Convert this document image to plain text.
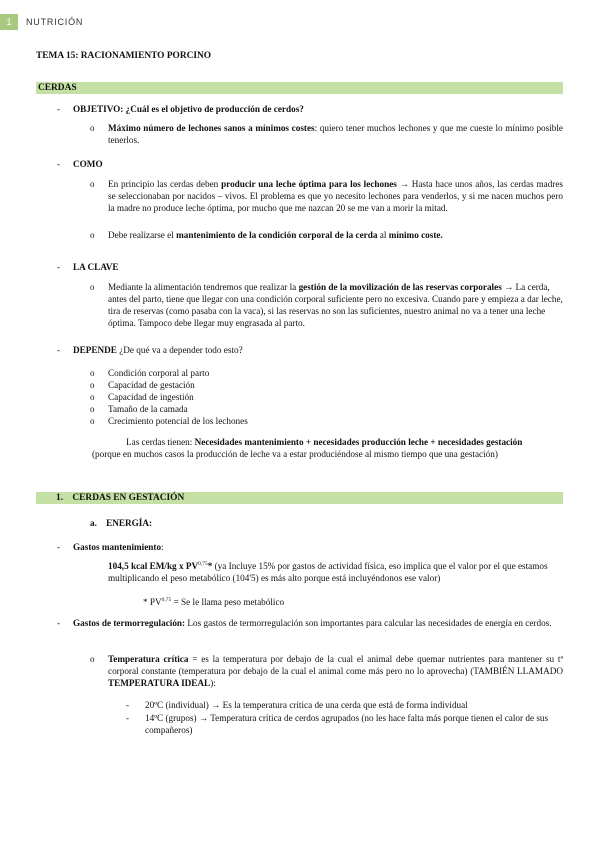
1	NUTRICIÓN
TEMA 15: RACIONAMIENTO PORCINO
CERDAS
- OBJETIVO: ¿Cuál es el objetivo de producción de cerdos?
o Máximo número de lechones sanos a mínimos costes: quiero tener muchos lechones y que me cueste lo mínimo posible tenerlos.
- COMO
o En principio las cerdas deben producir una leche óptima para los lechones → Hasta hace unos años, las cerdas madres se seleccionaban por nacidos – vivos. El problema es que yo necesito lechones para venderlos, y si me nacen muchos pero la madre no produce leche óptima, por mucho que me nazcan 20 se me van a morir la mitad.
o Debe realizarse el mantenimiento de la condición corporal de la cerda al mínimo coste.
- LA CLAVE
o Mediante la alimentación tendremos que realizar la gestión de la movilización de las reservas corporales → La cerda, antes del parto, tiene que llegar con una condición corporal suficiente pero no excesiva. Cuando pare y empieza a dar leche, tira de reservas (como pasaba con la vaca), si las reservas no son las suficientes, nuestro animal no va a tener una leche óptima. Tampoco debe llegar muy engrasada al parto.
- DEPENDE ¿De qué va a depender todo esto?
o Condición corporal al parto
o Capacidad de gestación
o Capacidad de ingestión
o Tamaño de la camada
o Crecimiento potencial de los lechones
Las cerdas tienen: Necesidades mantenimiento + necesidades producción leche + necesidades gestación
(porque en muchos casos la producción de leche va a estar produciéndose al mismo tiempo que una gestación)
1.    CERDAS EN GESTACIÓN
a.    ENERGÍA:
- Gastos mantenimiento:
104,5 kcal EM/kg x PV$^{0,75}$* (ya Incluye 15% por gastos de actividad física, eso implica que el valor por el que estamos multiplicando el peso metabólico (104'5) es más alto porque está incluyéndonos ese valor)
* PV$^{0,75}$ = Se le llama peso metabólico
- Gastos de termorregulación: Los gastos de termorregulación son importantes para calcular las necesidades de energía en cerdos.
o Temperatura crítica = es la temperatura por debajo de la cual el animal debe quemar nutrientes para mantener su tª corporal constante (temperatura por debajo de la cual el animal come más pero no lo aprovecha) (TAMBIÉN LLAMADO TEMPERATURA IDEAL):
- 20ºC (individual) → Es la temperatura crítica de una cerda que está de forma individual
- 14ºC (grupos) → Temperatura crítica de cerdos agrupados (no les hace falta más porque tienen el calor de sus compañeros)
